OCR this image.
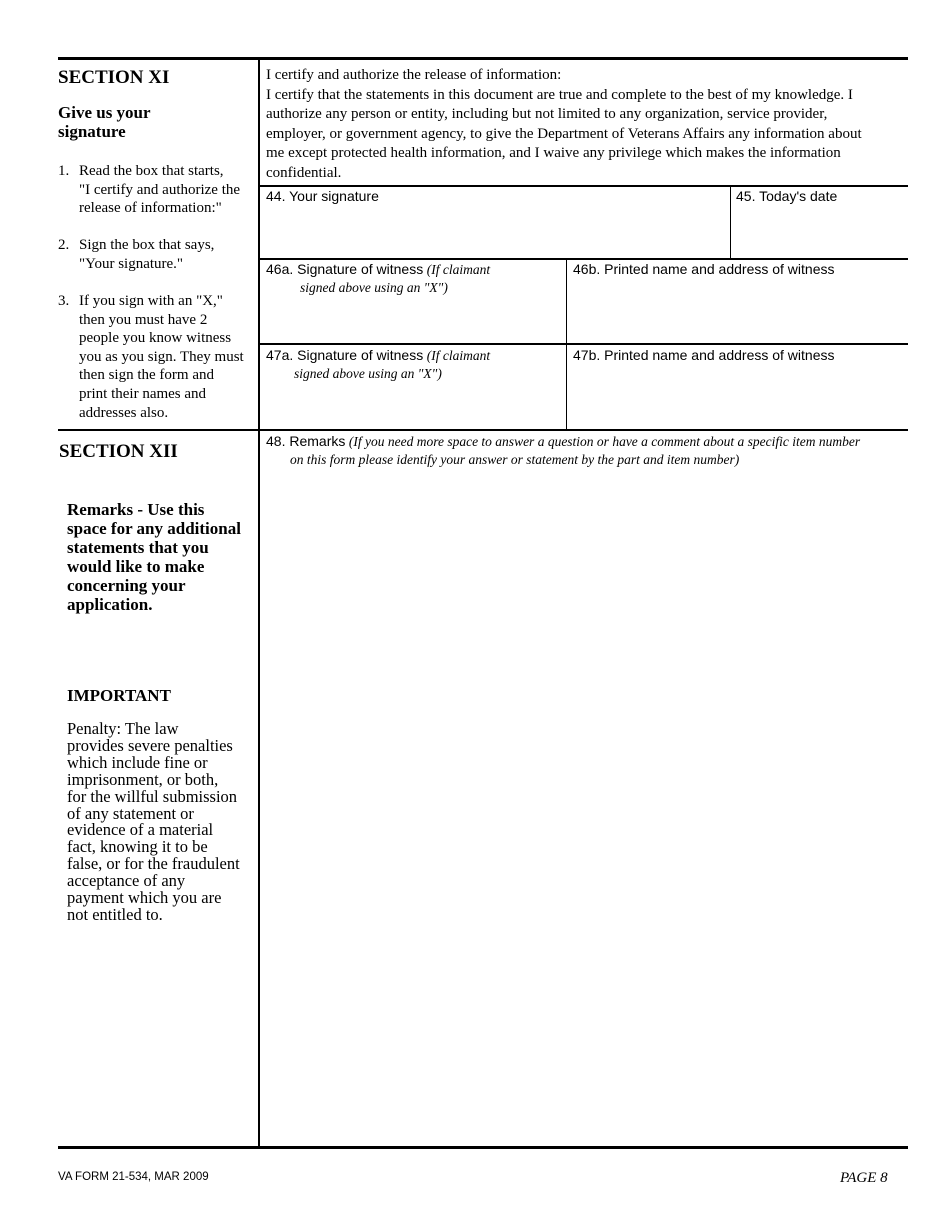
SECTION XI
Give us your
signature
1. Read the box that starts,
"I certify and authorize the
release of information:"
2. Sign the box that says,
"Your signature."
3. If you sign with an "X,"
then you must have 2
people you know witness
you as you sign. They must
then sign the form and
print their names and
addresses also.
I certify and authorize the release of information:
I certify that the statements in this document are true and complete to the best of my knowledge. I
authorize any person or entity, including but not limited to any organization, service provider,
employer, or government agency, to give the Department of Veterans Affairs any information about
me except protected health information, and I waive any privilege which makes the information
confidential.
44. Your signature	45. Today's date
46a. Signature of witness (If claimant
signed above using an "X")
46b. Printed name and address of witness
47a. Signature of witness (If claimant
signed above using an "X")
47b. Printed name and address of witness
SECTION XII
Remarks - Use this
space for any additional
statements that you
would like to make
concerning your
application.
IMPORTANT
Penalty: The law
provides severe penalties
which include fine or
imprisonment, or both,
for the willful submission
of any statement or
evidence of a material
fact, knowing it to be
false, or for the fraudulent
acceptance of any
payment which you are
not entitled to.
48. Remarks (If you need more space to answer a question or have a comment about a specific item number
on this form please identify your answer or statement by the part and item number)
VA FORM 21-534, MAR 2009	PAGE 8
